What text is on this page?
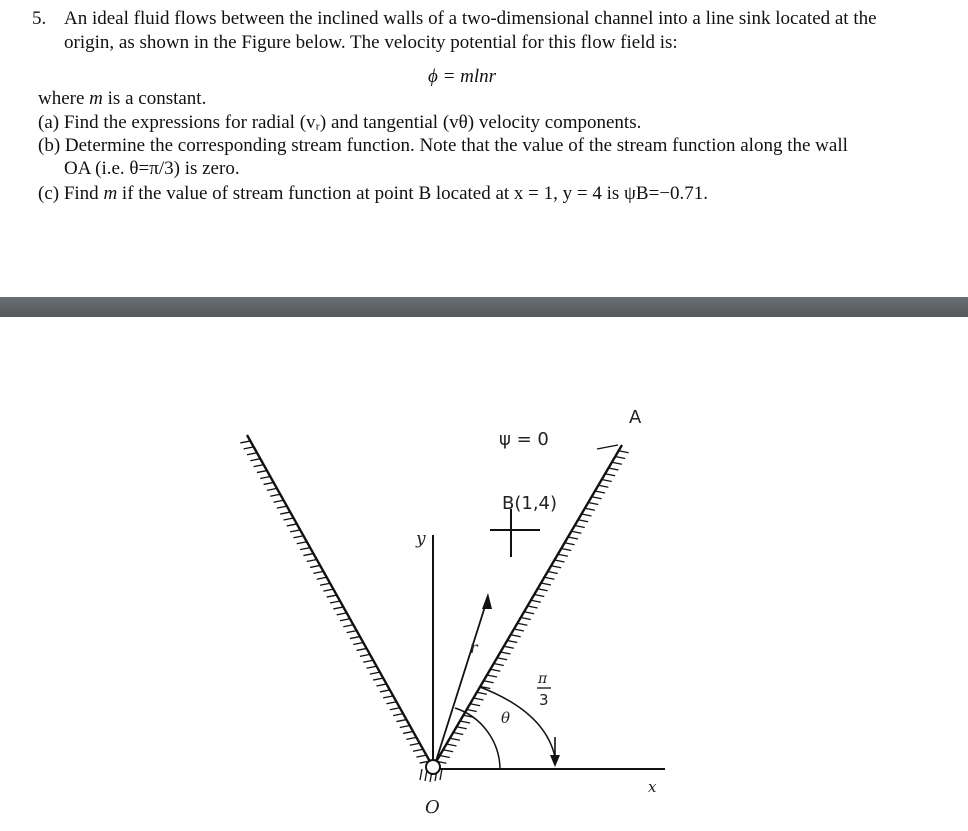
5. An ideal fluid flows between the inclined walls of a two-dimensional channel into a line sink located at the
origin, as shown in the Figure below. The velocity potential for this flow field is:
ϕ = mlnr
where m is a constant.
(a) Find the expressions for radial (vᵣ) and tangential (vθ) velocity components.
(b) Determine the corresponding stream function. Note that the value of the stream function along the wall
OA (i.e. θ=π/3) is zero.
(c) Find m if the value of stream function at point B located at x = 1, y = 4 is ψB=−0.71.
A
ψ = 0
B(1,4)
y
r
θ
π
3
x
O
